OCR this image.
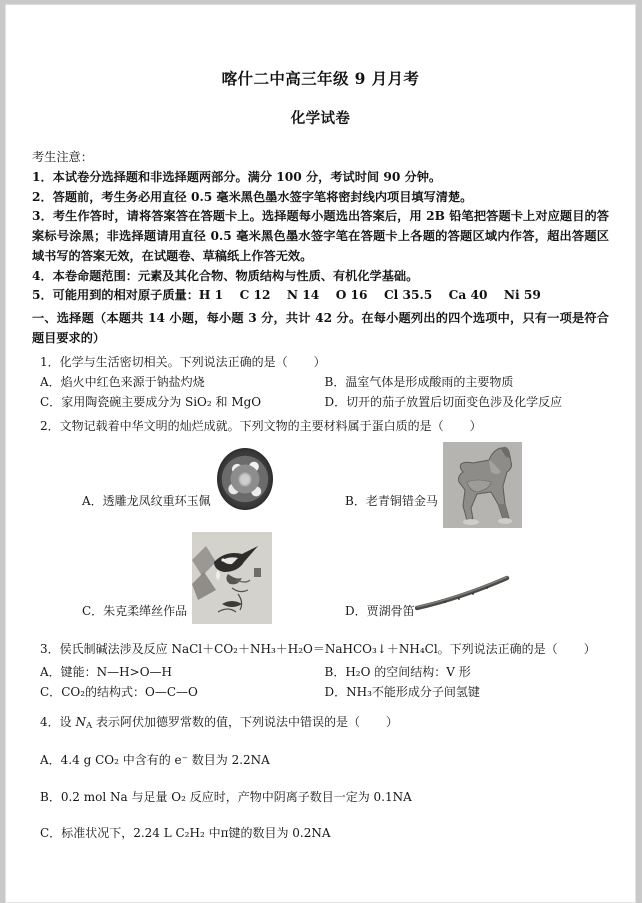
喀什二中高三年级 9 月月考
化学试卷
考生注意：
1．本试卷分选择题和非选择题两部分。满分 100 分，考试时间 90 分钟。
2．答题前，考生务必用直径 0.5 毫米黑色墨水签字笔将密封线内项目填写清楚。
3．考生作答时，请将答案答在答题卡上。选择题每小题选出答案后，用 2B 铅笔把答题卡上对应题目的答案标号涂黑；非选择题请用直径 0.5 毫米黑色墨水签字笔在答题卡上各题的答题区域内作答，超出答题区域书写的答案无效，在试题卷、草稿纸上作答无效。
4．本卷命题范围：元素及其化合物、物质结构与性质、有机化学基础。
5．可能用到的相对原子质量：H 1　 C 12　 N 14　 O 16　 Cl 35.5　 Ca 40　 Ni 59
一、选择题（本题共 14 小题，每小题 3 分，共计 42 分。在每小题列出的四个选项中，只有一项是符合题目要求的）
1．化学与生活密切相关。下列说法正确的是（ ）
A．焰火中红色来源于钠盐灼烧	B．温室气体是形成酸雨的主要物质
C．家用陶瓷碗主要成分为 SiO₂ 和 MgO	D．切开的茄子放置后切面变色涉及化学反应
2．文物记载着中华文明的灿烂成就。下列文物的主要材料属于蛋白质的是（ ）
A．透雕龙凤纹重环玉佩	B．老青铜错金马
C．朱克柔缂丝作品	D．贾湖骨笛
3．侯氏制碱法涉及反应 NaCl＋CO₂＋NH₃＋H₂O＝NaHCO₃↓＋NH₄Cl。下列说法正确的是（ ）
A．键能：N—H>O—H	B．H₂O 的空间结构：V 形
C．CO₂的结构式：O—C—O	D．NH₃不能形成分子间氢键
4．设 $N_A$ 表示阿伏加德罗常数的值，下列说法中错误的是（ ）
A．4.4 g CO₂ 中含有的 e⁻ 数目为 2.2NA
B．0.2 mol Na 与足量 O₂ 反应时，产物中阴离子数目一定为 0.1NA
C．标准状况下，2.24 L C₂H₂ 中π键的数目为 0.2NA
